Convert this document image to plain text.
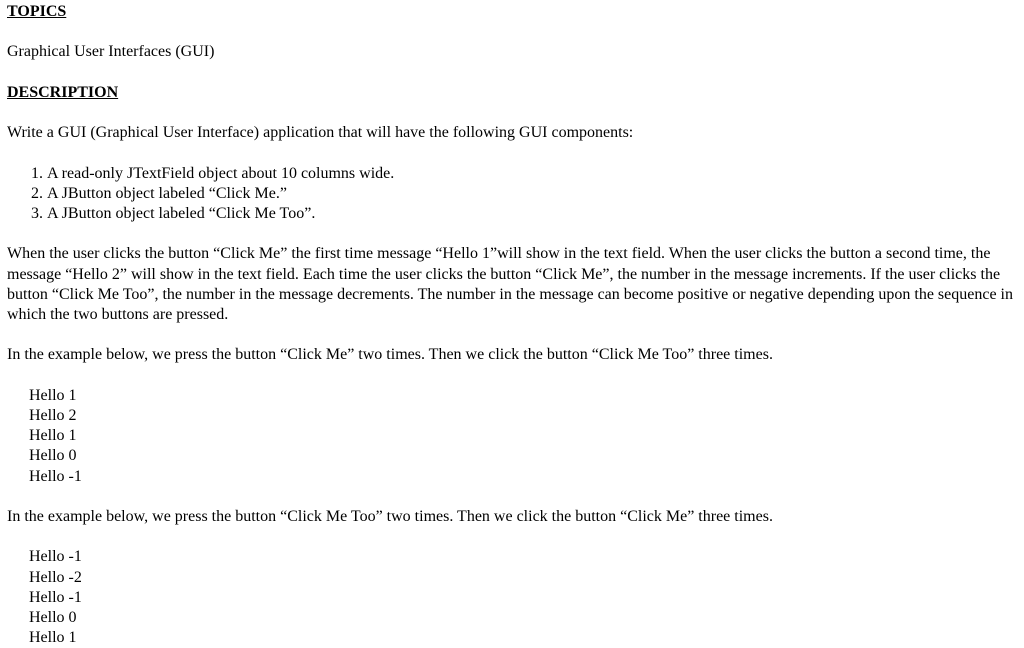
TOPICS
Graphical User Interfaces (GUI)
DESCRIPTION
Write a GUI (Graphical User Interface) application that will have the following GUI components:
1. A read-only JTextField object about 10 columns wide.
2. A JButton object labeled “Click Me.”
3. A JButton object labeled “Click Me Too”.
When the user clicks the button “Click Me” the first time message “Hello 1”will show in the text field. When the user clicks the button a second time, the message “Hello 2” will show in the text field. Each time the user clicks the button “Click Me”, the number in the message increments. If the user clicks the button “Click Me Too”, the number in the message decrements. The number in the message can become positive or negative depending upon the sequence in which the two buttons are pressed.
In the example below, we press the button “Click Me” two times. Then we click the button “Click Me Too” three times.
Hello 1
Hello 2
Hello 1
Hello 0
Hello -1
In the example below, we press the button “Click Me Too” two times. Then we click the button “Click Me” three times.
Hello -1
Hello -2
Hello -1
Hello 0
Hello 1
